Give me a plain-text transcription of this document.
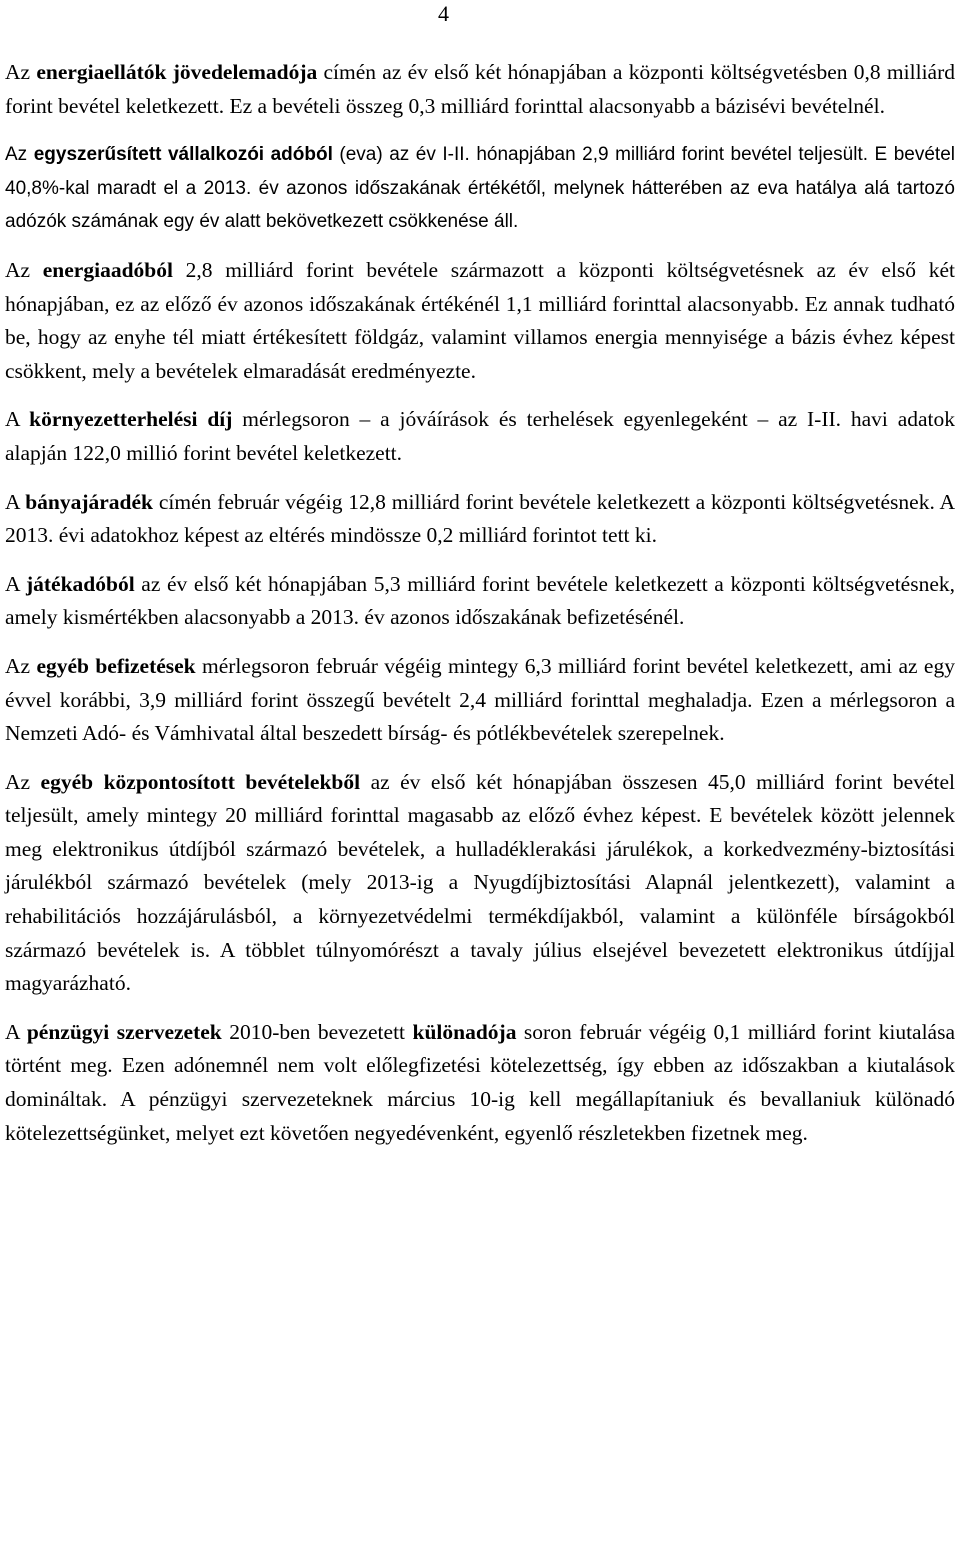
4

Az energiaellátók jövedelemadója címén az év első két hónapjában a központi költségvetésben 0,8 milliárd forint bevétel keletkezett. Ez a bevételi összeg 0,3 milliárd forinttal alacsonyabb a bázisévi bevételnél.

Az egyszerűsített vállalkozói adóból (eva) az év I-II. hónapjában 2,9 milliárd forint bevétel teljesült. E bevétel 40,8%-kal maradt el a 2013. év azonos időszakának értékétől, melynek hátterében az eva hatálya alá tartozó adózók számának egy év alatt bekövetkezett csökkenése áll.

Az energiaadóból 2,8 milliárd forint bevétele származott a központi költségvetésnek az év első két hónapjában, ez az előző év azonos időszakának értékénél 1,1 milliárd forinttal alacsonyabb. Ez annak tudható be, hogy az enyhe tél miatt értékesített földgáz, valamint villamos energia mennyisége a bázis évhez képest csökkent, mely a bevételek elmaradását eredményezte.

A környezetterhelési díj mérlegsoron – a jóváírások és terhelések egyenlegeként – az I-II. havi adatok alapján 122,0 millió forint bevétel keletkezett.

A bányajáradék címén február végéig 12,8 milliárd forint bevétele keletkezett a központi költségvetésnek. A 2013. évi adatokhoz képest az eltérés mindössze 0,2 milliárd forintot tett ki.

A játékadóból az év első két hónapjában 5,3 milliárd forint bevétele keletkezett a központi költségvetésnek, amely kismértékben alacsonyabb a 2013. év azonos időszakának befizetésénél.

Az egyéb befizetések mérlegsoron február végéig mintegy 6,3 milliárd forint bevétel keletkezett, ami az egy évvel korábbi, 3,9 milliárd forint összegű bevételt 2,4 milliárd forinttal meghaladja. Ezen a mérlegsoron a Nemzeti Adó- és Vámhivatal által beszedett bírság- és pótlékbevételek szerepelnek.

Az egyéb központosított bevételekből az év első két hónapjában összesen 45,0 milliárd forint bevétel teljesült, amely mintegy 20 milliárd forinttal magasabb az előző évhez képest. E bevételek között jelennek meg elektronikus útdíjból származó bevételek, a hulladéklerakási járulékok, a korkedvezmény-biztosítási járulékból származó bevételek (mely 2013-ig a Nyugdíjbiztosítási Alapnál jelentkezett), valamint a rehabilitációs hozzájárulásból, a környezetvédelmi termékdíjakból, valamint a különféle bírságokból származó bevételek is. A többlet túlnyomórészt a tavaly július elsejével bevezetett elektronikus útdíjjal magyarázható.

A pénzügyi szervezetek 2010-ben bevezetett különadója soron február végéig 0,1 milliárd forint kiutalása történt meg. Ezen adónemnél nem volt előlegfizetési kötelezettség, így ebben az időszakban a kiutalások domináltak. A pénzügyi szervezeteknek március 10-ig kell megállapítaniuk és bevallaniuk különadó kötelezettségünket, melyet ezt követően negyedévenként, egyenlő részletekben fizetnek meg.
